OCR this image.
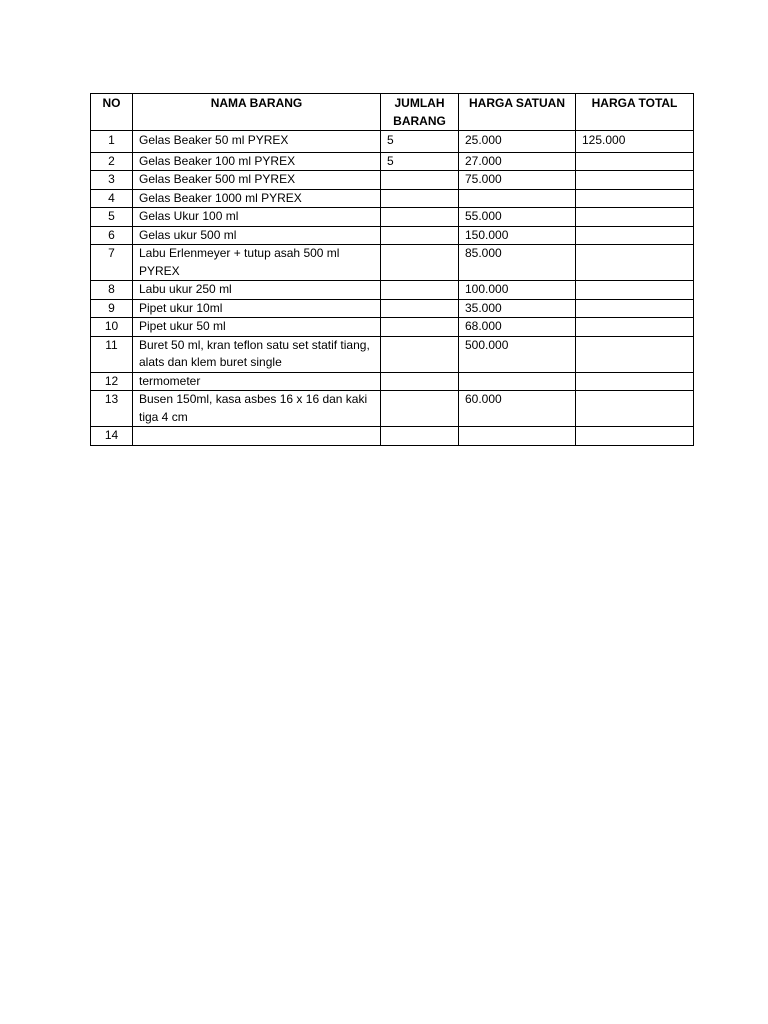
NO	NAMA BARANG	JUMLAH BARANG	HARGA SATUAN	HARGA TOTAL
1	Gelas Beaker 50 ml PYREX	5	25.000	125.000
2	Gelas Beaker 100 ml PYREX	5	27.000	
3	Gelas Beaker 500 ml PYREX		75.000	
4	Gelas Beaker 1000 ml PYREX			
5	Gelas Ukur 100 ml		55.000	
6	Gelas ukur 500 ml		150.000	
7	Labu Erlenmeyer + tutup asah 500 ml PYREX		85.000	
8	Labu ukur 250 ml		100.000	
9	Pipet ukur 10ml		35.000	
10	Pipet ukur 50 ml		68.000	
11	Buret 50 ml, kran teflon satu set statif tiang, alats dan klem buret single		500.000	
12	termometer			
13	Busen 150ml, kasa asbes 16 x 16 dan kaki tiga 4 cm		60.000	
14				
